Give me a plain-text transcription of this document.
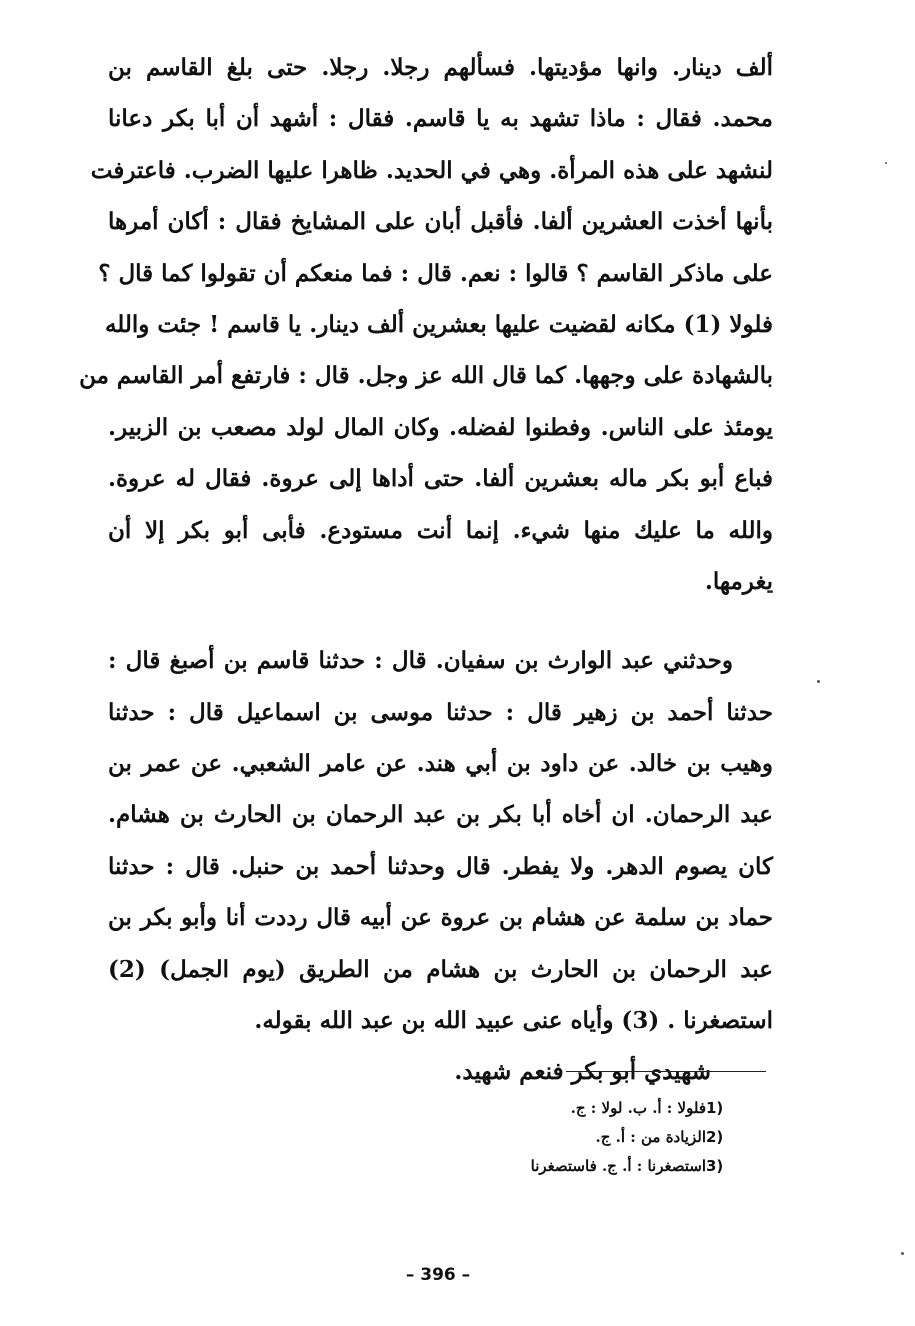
ألف دينار. وانها مؤديتها. فسألهم رجلا. رجلا. حتى بلغ القاسم بن
محمد. فقال : ماذا تشهد به يا قاسم. فقال : أشهد أن أبا بكر دعانا
لنشهد على هذه المرأة. وهي في الحديد. ظاهرا عليها الضرب. فاعترفت
بأنها أخذت العشرين ألفا. فأقبل أبان على المشايخ فقال : أكان أمرها
على ماذكر القاسم ؟ قالوا : نعم. قال : فما منعكم أن تقولوا كما قال ؟
فلولا (1) مكانه لقضيت عليها بعشرين ألف دينار. يا قاسم ! جئت والله
بالشهادة على وجهها. كما قال الله عز وجل. قال : فارتفع أمر القاسم من
يومئذ على الناس. وفطنوا لفضله. وكان المال لولد مصعب بن الزبير.
فباع أبو بكر ماله بعشرين ألفا. حتى أداها إلى عروة. فقال له عروة.
والله ما عليك منها شيء. إنما أنت مستودع. فأبى أبو بكر إلا أن
يغرمها.
وحدثني عبد الوارث بن سفيان. قال : حدثنا قاسم بن أصبغ قال :
حدثنا أحمد بن زهير قال : حدثنا موسى بن اسماعيل قال : حدثنا
وهيب بن خالد. عن داود بن أبي هند. عن عامر الشعبي. عن عمر بن
عبد الرحمان. ان أخاه أبا بكر بن عبد الرحمان بن الحارث بن هشام.
كان يصوم الدهر. ولا يفطر. قال وحدثنا أحمد بن حنبل. قال : حدثنا
حماد بن سلمة عن هشام بن عروة عن أبيه قال رددت أنا وأبو بكر بن
عبد الرحمان بن الحارث بن هشام من الطريق (يوم الجمل) (2)
استصغرنا . (3) وأياه عنى عبيد الله بن عبد الله بقوله.
شهيدي أبو بكر فنعم شهيد.
1)
فلولا : أ. ب. لولا : ج.
2)
الزيادة من : أ. ج.
3)
استصغرنا : أ. ج. فاستصغرنا
– 396 –
